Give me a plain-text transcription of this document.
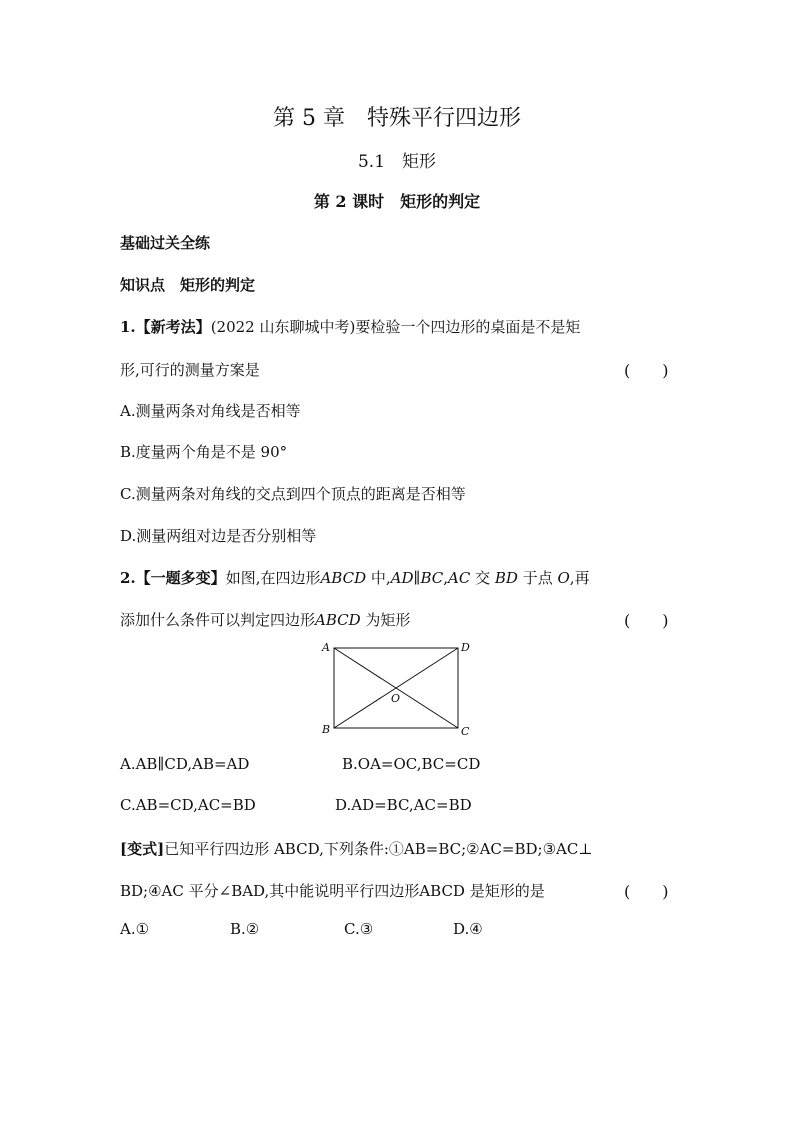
第 5 章　特殊平行四边形
5.1　矩形
第 2 课时　矩形的判定
基础过关全练
知识点　矩形的判定
1.【新考法】(2022 山东聊城中考)要检验一个四边形的桌面是不是矩
形,可行的测量方案是	(　　)
A.测量两条对角线是否相等
B.度量两个角是不是 90°
C.测量两条对角线的交点到四个顶点的距离是否相等
D.测量两组对边是否分别相等
2.【一题多变】如图,在四边形ABCD 中,AD∥BC,AC 交 BD 于点 O,再
添加什么条件可以判定四边形ABCD 为矩形	(　　)
A	D
B	C
O
A.AB∥CD,AB=AD	B.OA=OC,BC=CD
C.AB=CD,AC=BD	D.AD=BC,AC=BD
[变式]已知平行四边形 ABCD,下列条件:①AB=BC;②AC=BD;③AC⊥
BD;④AC 平分∠BAD,其中能说明平行四边形ABCD 是矩形的是	(　　)
A.①	B.②	C.③	D.④
